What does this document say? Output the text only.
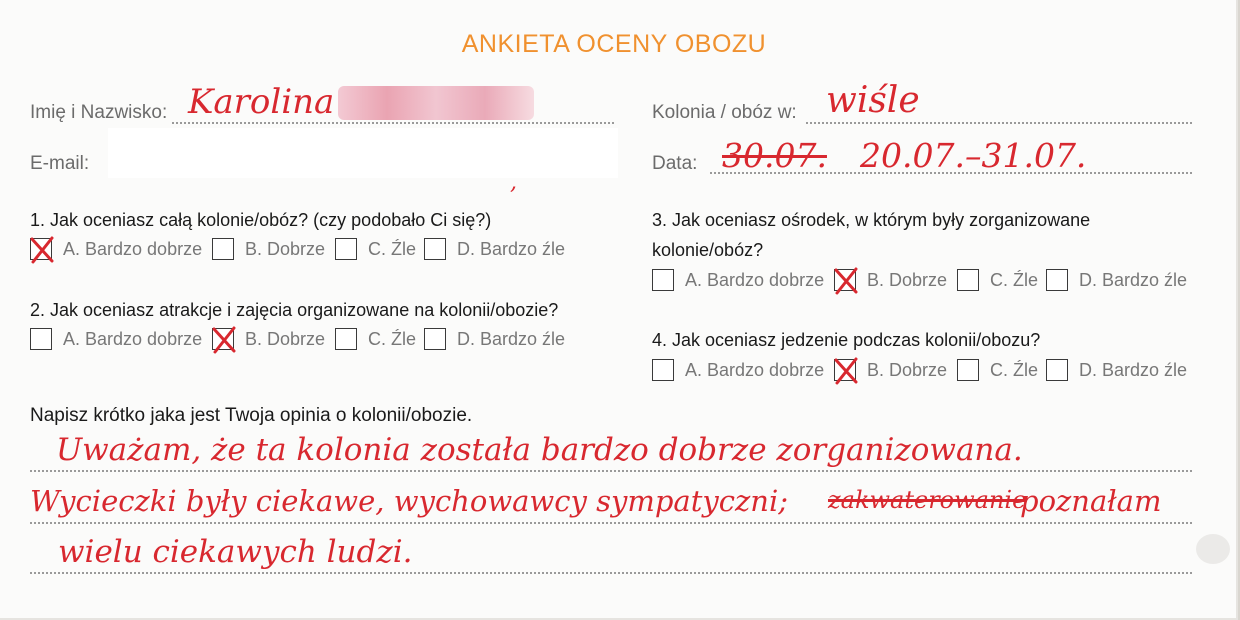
ANKIETA OCENY OBOZU
Imię i Nazwisko: Karolina
E-mail:
,
Kolonia / obóz w: wiśle
Data: 30.07. 20.07.–31.07.
1. Jak oceniasz całą kolonie/obóz? (czy podobało Ci się?)
A. Bardzo dobrze B. Dobrze C. Źle D. Bardzo źle
2. Jak oceniasz atrakcje i zajęcia organizowane na kolonii/obozie?
A. Bardzo dobrze B. Dobrze C. Źle D. Bardzo źle
3. Jak oceniasz ośrodek, w którym były zorganizowane
kolonie/obóz?
A. Bardzo dobrze B. Dobrze C. Źle D. Bardzo źle
4. Jak oceniasz jedzenie podczas kolonii/obozu?
A. Bardzo dobrze B. Dobrze C. Źle D. Bardzo źle
Napisz krótko jaka jest Twoja opinia o kolonii/obozie.
Uważam, że ta kolonia została bardzo dobrze zorganizowana.
Wycieczki były ciekawe, wychowawcy sympatyczni; zakwaterowanie
poznałam
wielu ciekawych ludzi.
